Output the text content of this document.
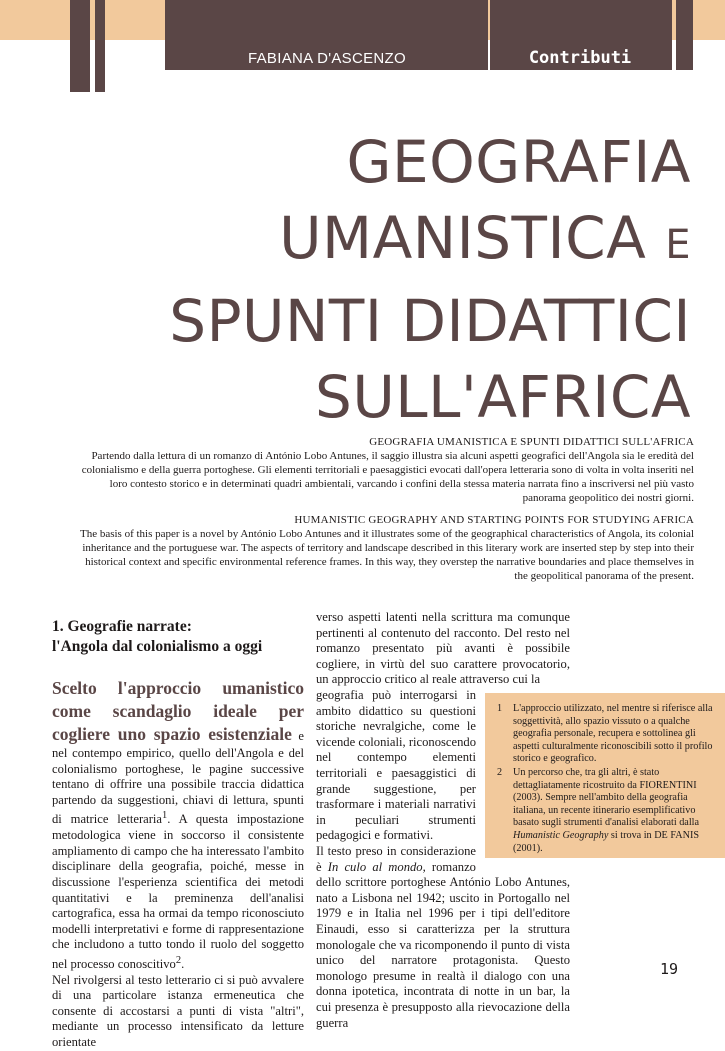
FABIANA D'ASCENZO	Contributi
GEOGRAFIA
UMANISTICA E
SPUNTI DIDATTICI
SULL'AFRICA
GEOGRAFIA UMANISTICA E SPUNTI DIDATTICI SULL'AFRICA

Partendo dalla lettura di un romanzo di António Lobo Antunes, il saggio illustra sia alcuni aspetti geografici dell'Angola sia le eredità del colonialismo e della guerra portoghese. Gli elementi territoriali e paesaggistici evocati dall'opera letteraria sono di volta in volta inseriti nel loro contesto storico e in determinati quadri ambientali, varcando i confini della stessa materia narrata fino a inscriversi nel più vasto panorama geopolitico dei nostri giorni.

HUMANISTIC GEOGRAPHY AND STARTING POINTS FOR STUDYING AFRICA

The basis of this paper is a novel by António Lobo Antunes and it illustrates some of the geographical characteristics of Angola, its colonial inheritance and the portuguese war. The aspects of territory and landscape described in this literary work are inserted step by step into their historical context and specific environmental reference frames. In this way, they overstep the narrative boundaries and place themselves in the geopolitical panorama of the present.

1. Geografie narrate:
l'Angola dal colonialismo a oggi

Scelto l'approccio umanistico come scandaglio ideale per cogliere uno spazio esistenziale e nel contempo empirico, quello dell'Angola e del colonialismo portoghese, le pagine successive tentano di offrire una possibile traccia didattica partendo da suggestioni, chiavi di lettura, spunti di matrice letteraria$^1$. A questa impostazione metodologica viene in soccorso il consistente ampliamento di campo che ha interessato l'ambito disciplinare della geografia, poiché, messe in discussione l'esperienza scientifica dei metodi quantitativi e la preminenza dell'analisi cartografica, essa ha ormai da tempo riconosciuto modelli interpretativi e forme di rappresentazione che includono a tutto tondo il ruolo del soggetto nel processo conoscitivo$^2$.

Nel rivolgersi al testo letterario ci si può avvalere di una particolare istanza ermeneutica che consente di accostarsi a punti di vista "altri", mediante un processo intensificato da letture orientate

verso aspetti latenti nella scrittura ma comunque pertinenti al contenuto del racconto. Del resto nel romanzo presentato più avanti è possibile cogliere, in virtù del suo carattere provocatorio, un approccio critico al reale attraverso cui la
geografia può interrogarsi in ambito didattico su questioni storiche nevralgiche, come le vicende coloniali, riconoscendo nel contempo elementi territoriali e paesaggistici di grande suggestione, per trasformare i materiali narrativi in peculiari strumenti pedagogici e formativi.

Il testo preso in considerazione è In culo al mondo, romanzo dello scrittore portoghese António Lobo Antunes, nato a Lisbona nel 1942; uscito in Portogallo nel 1979 e in Italia nel 1996 per i tipi dell'editore Einaudi, esso si caratterizza per la struttura monologale che va ricomponendo il punto di vista unico del narratore protagonista. Questo monologo presume in realtà il dialogo con una donna ipotetica, incontrata di notte in un bar, la cui presenza è presupposto alla rievocazione della guerra

1	L'approccio utilizzato, nel mentre si riferisce alla soggettività, allo spazio vissuto o a qualche geografia personale, recupera e sottolinea gli aspetti culturalmente riconoscibili sotto il profilo storico e geografico.
2	Un percorso che, tra gli altri, è stato dettagliatamente ricostruito da FIORENTINI (2003). Sempre nell'ambito della geografia italiana, un recente itinerario esemplificativo basato sugli strumenti d'analisi elaborati dalla Humanistic Geography si trova in DE FANIS (2001).
19
